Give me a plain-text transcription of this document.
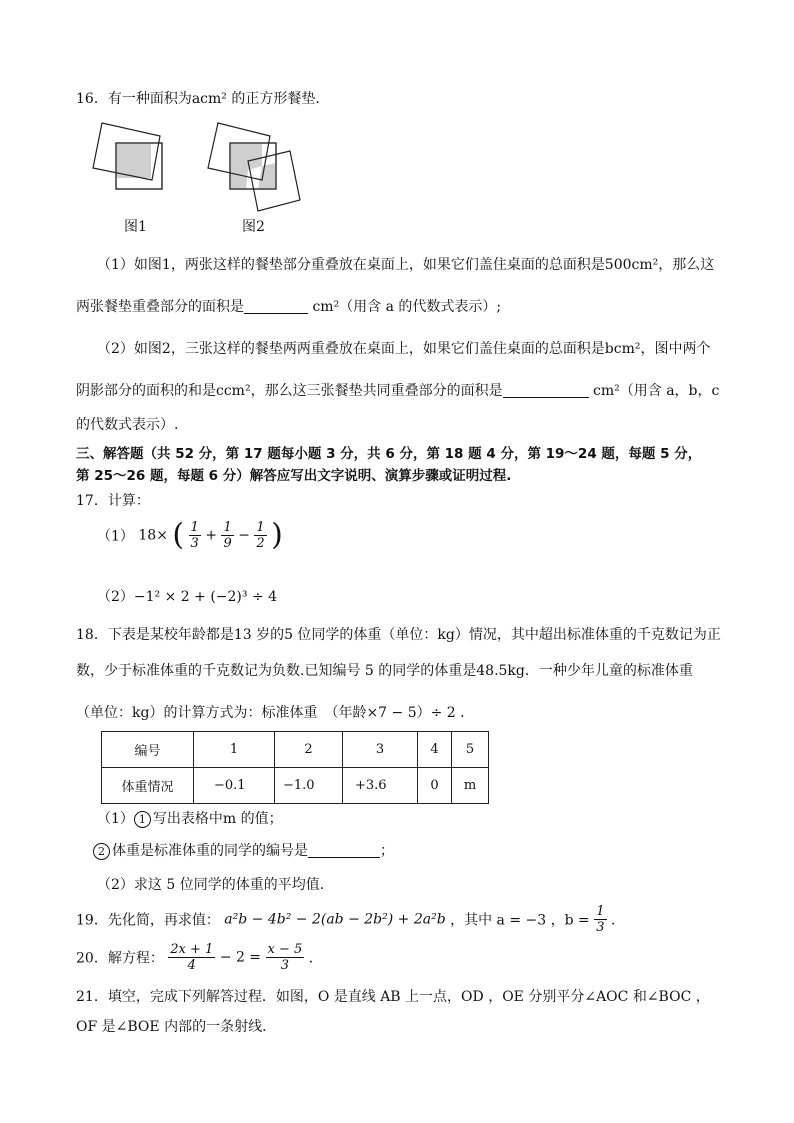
16．有一种面积为acm² 的正方形餐垫．
图1	图2
（1）如图1，两张这样的餐垫部分重叠放在桌面上，如果它们盖住桌面的总面积是500cm²，那么这
两张餐垫重叠部分的面积是	cm²（用含 a 的代数式表示）;
（2）如图2，三张这样的餐垫两两重叠放在桌面上，如果它们盖住桌面的总面积是bcm²，图中两个
阴影部分的面积的和是ccm²，那么这三张餐垫共同重叠部分的面积是	cm²（用含 a，b，c
的代数式表示）.
三、解答题（共 52 分，第 17 题每小题 3 分，共 6 分，第 18 题 4 分，第 19～24 题，每题 5 分，
第 25～26 题，每题 6 分）解答应写出文字说明、演算步骤或证明过程.
17．计算：
（1） 18× ( $\frac{1}{3} + \frac{1}{9} - \frac{1}{2}$ )
（2）−1² × 2 + (−2)³ ÷ 4
18．下表是某校年龄都是13 岁的5 位同学的体重（单位：kg）情况，其中超出标准体重的千克数记为正
数，少于标准体重的千克数记为负数.已知编号 5 的同学的体重是48.5kg．一种少年儿童的标准体重
（单位：kg）的计算方式为：标准体重　（年龄×7 − 5）÷ 2 ．
编号	1	2	3	4	5
体重情况	−0.1	−1.0	+3.6	0	m
（1） 1 写出表格中m 的值；
2 体重是标准体重的同学的编号是	；
（2）求这 5 位同学的体重的平均值.
19．先化简，再求值： a²b − 4b² − 2(ab − 2b²) + 2a²b ，其中 a = −3 ，$b = \frac{1}{3}$ ．
20．解方程： $\frac{2x + 1}{4} - 2 = \frac{x - 5}{3}$ ．
21．填空，完成下列解答过程．如图，O 是直线 AB 上一点，OD ，OE 分别平分∠AOC 和∠BOC ，
OF 是∠BOE 内部的一条射线．
